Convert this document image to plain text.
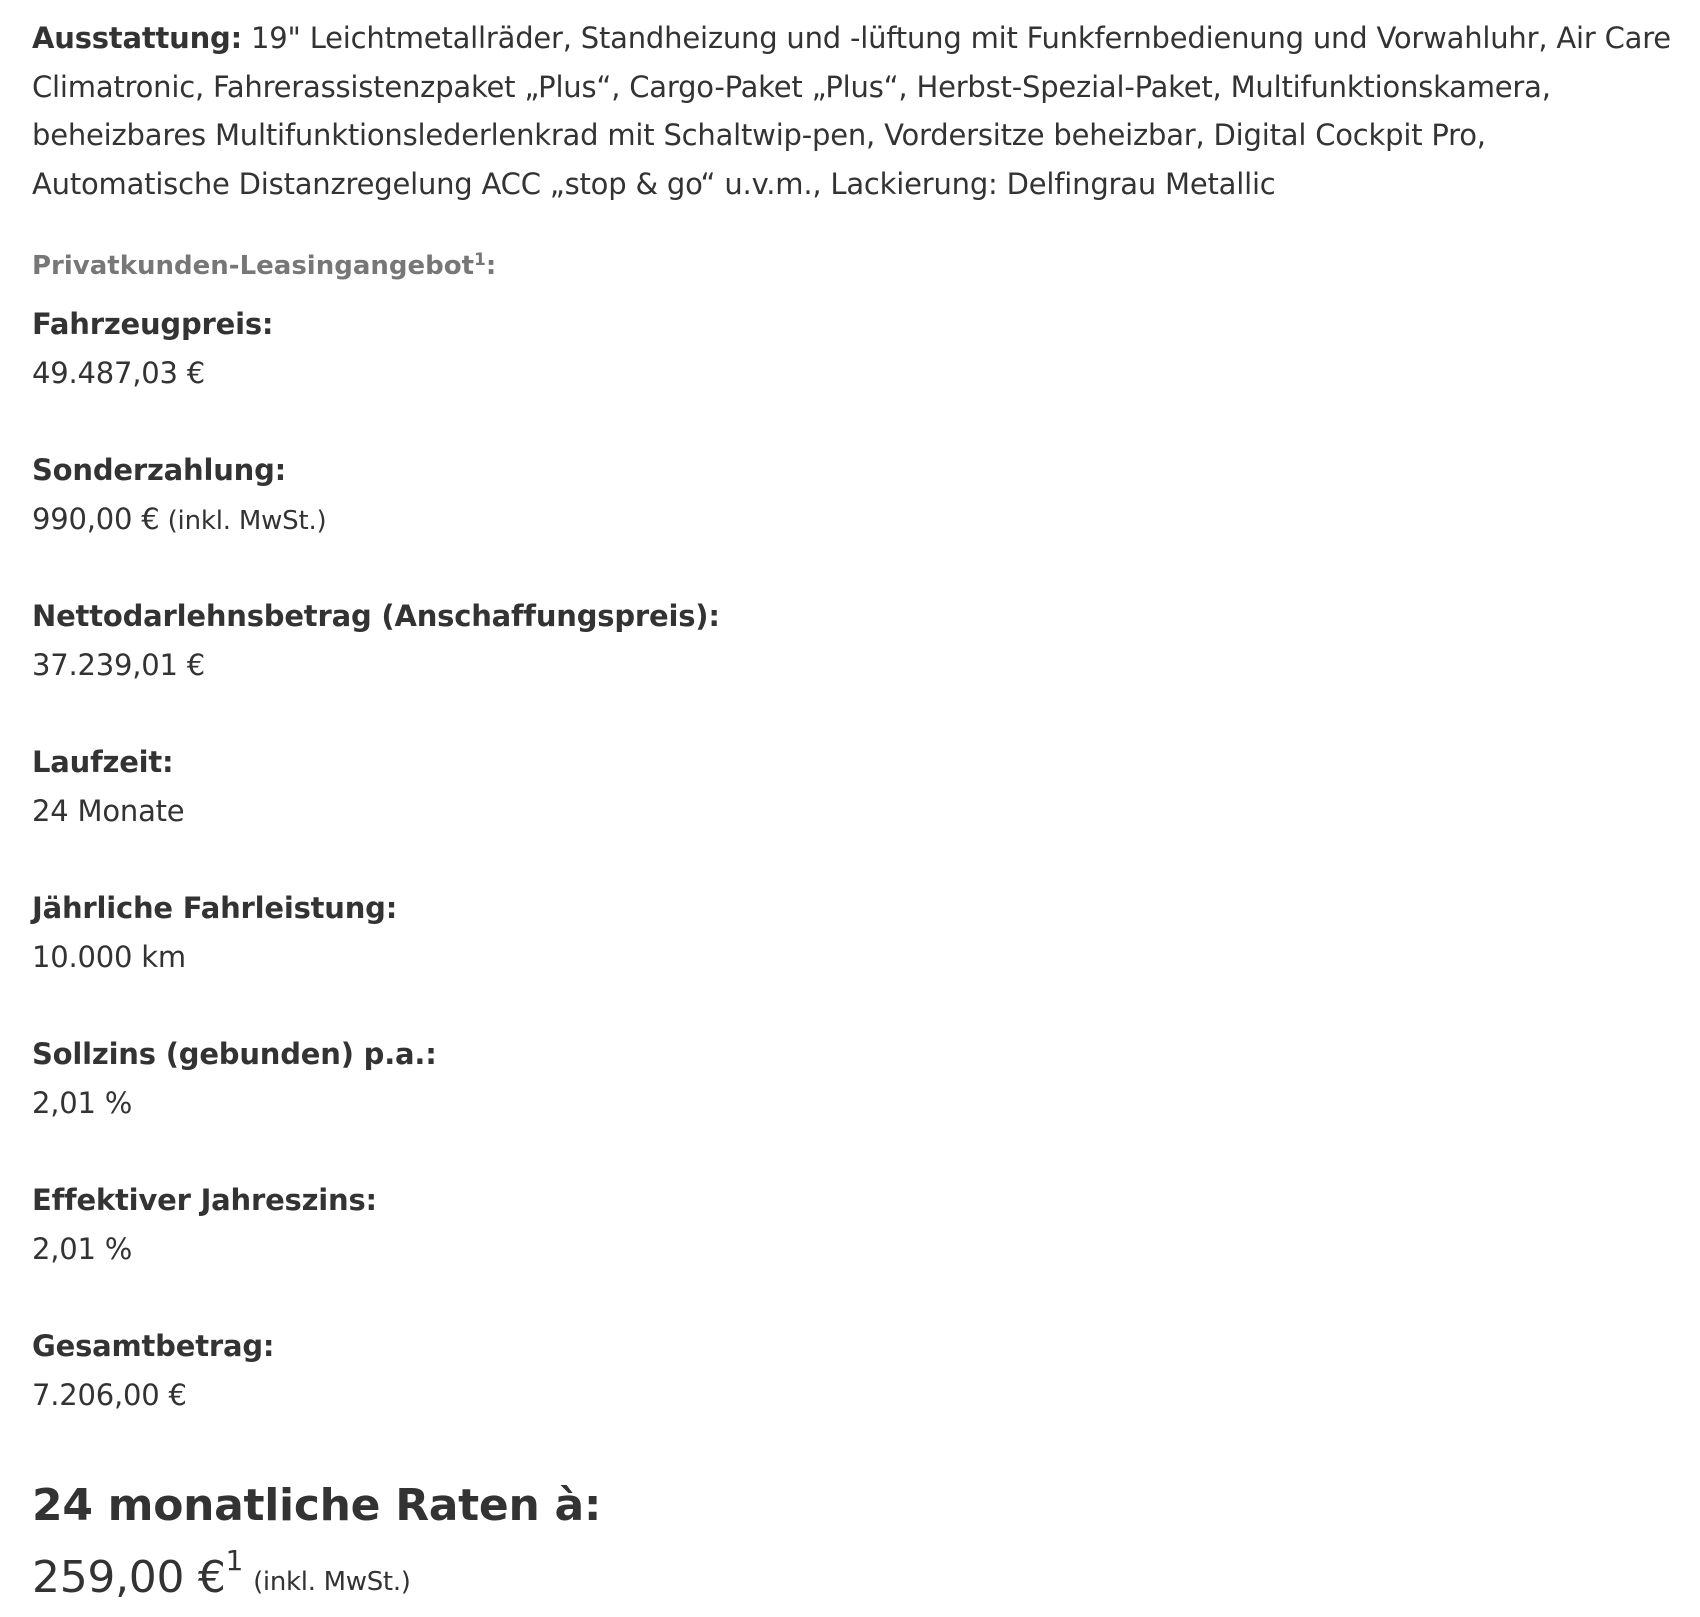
Ausstattung: 19" Leichtmetallräder, Standheizung und -lüftung mit Funkfernbedienung und Vorwahluhr, Air Care Climatronic, Fahrerassistenzpaket „Plus“, Cargo-Paket „Plus“, Herbst-Spezial-Paket, Multifunktionskamera, beheizbares Multifunktionslederlenkrad mit Schaltwip-pen, Vordersitze beheizbar, Digital Cockpit Pro, Automatische Distanzregelung ACC „stop & go“ u.v.m., Lackierung: Delfingrau Metallic

Privatkunden-Leasingangebot$^1$:
Fahrzeugpreis:
49.487,03 €
Sonderzahlung:
990,00 € (inkl. MwSt.)
Nettodarlehnsbetrag (Anschaffungspreis):
37.239,01 €
Laufzeit:
24 Monate
Jährliche Fahrleistung:
10.000 km
Sollzins (gebunden) p.a.:
2,01 %
Effektiver Jahreszins:
2,01 %
Gesamtbetrag:
7.206,00 €
24 monatliche Raten à:
259,00 €$^1$(inkl. MwSt.)
